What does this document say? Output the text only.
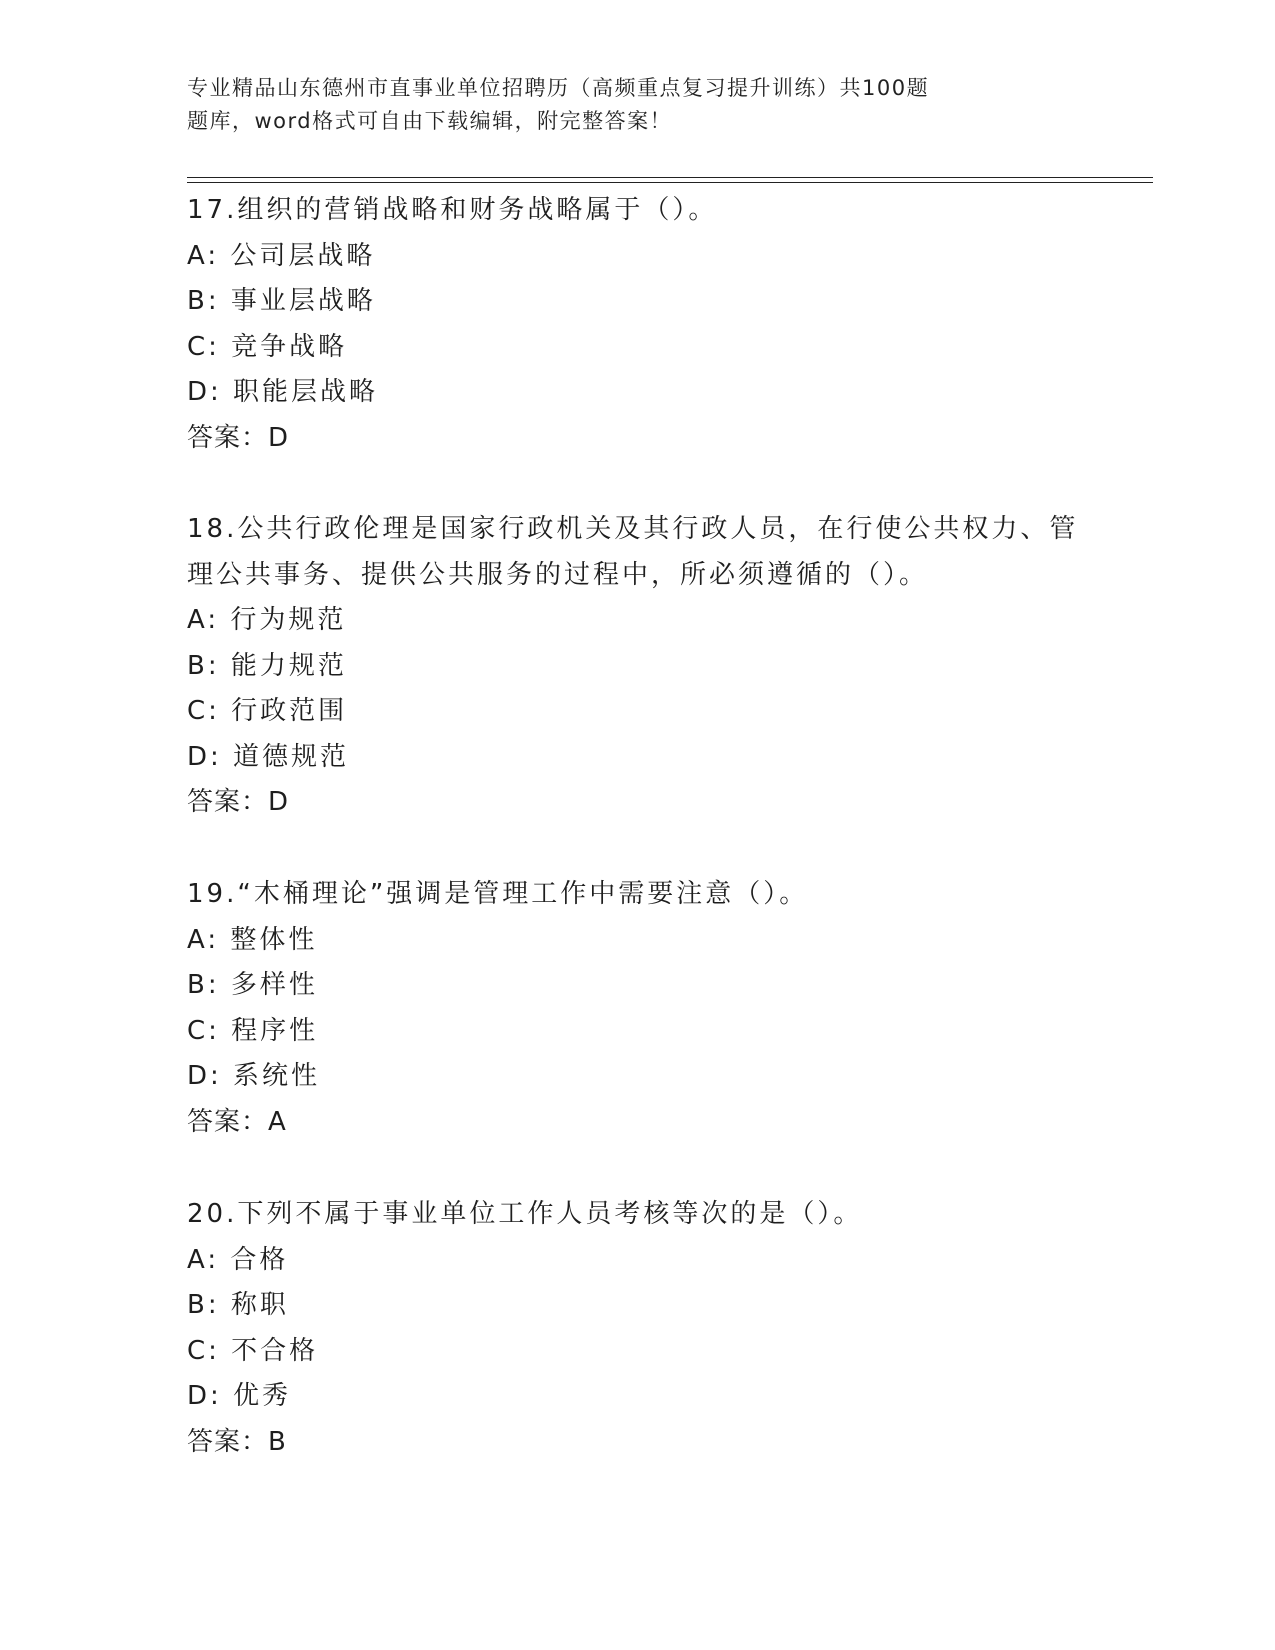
专业精品山东德州市直事业单位招聘历（高频重点复习提升训练）共100题
题库，word格式可自由下载编辑，附完整答案！
17.组织的营销战略和财务战略属于（）。
A: 公司层战略
B: 事业层战略
C: 竞争战略
D: 职能层战略
答案：D
18.公共行政伦理是国家行政机关及其行政人员，在行使公共权力、管
理公共事务、提供公共服务的过程中，所必须遵循的（）。
A: 行为规范
B: 能力规范
C: 行政范围
D: 道德规范
答案：D
19.“木桶理论”强调是管理工作中需要注意（）。
A: 整体性
B: 多样性
C: 程序性
D: 系统性
答案：A
20.下列不属于事业单位工作人员考核等次的是（）。
A: 合格
B: 称职
C: 不合格
D: 优秀
答案：B
